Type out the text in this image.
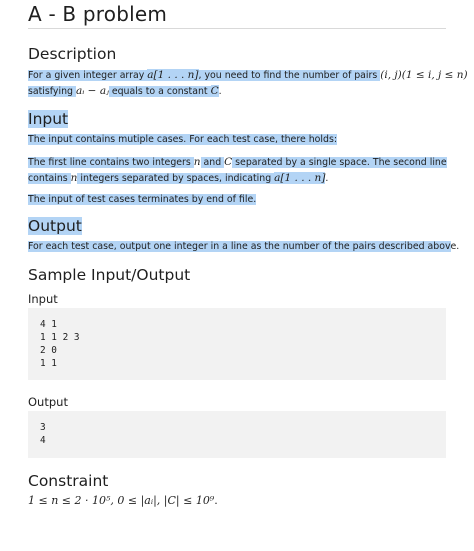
A - B problem
Description

For a given integer array a[1 . . . n], you need to find the number of pairs (i, j)(1 ≤ i, j ≤ n)

satisfying aᵢ − aⱼ equals to a constant C.

Input

The input contains mutiple cases. For each test case, there holds:

The first line contains two integers n and C separated by a single space. The second line

contains n integers separated by spaces, indicating a[1 . . . n].

The input of test cases terminates by end of file.

Output

For each test case, output one integer in a line as the number of the pairs described above.

Sample Input/Output

Input

4 1
1 1 2 3
2 0
1 1

Output

3
4
Constraint

1 ≤ n ≤ 2 · 10⁵, 0 ≤ |aᵢ|, |C| ≤ 10⁹.
